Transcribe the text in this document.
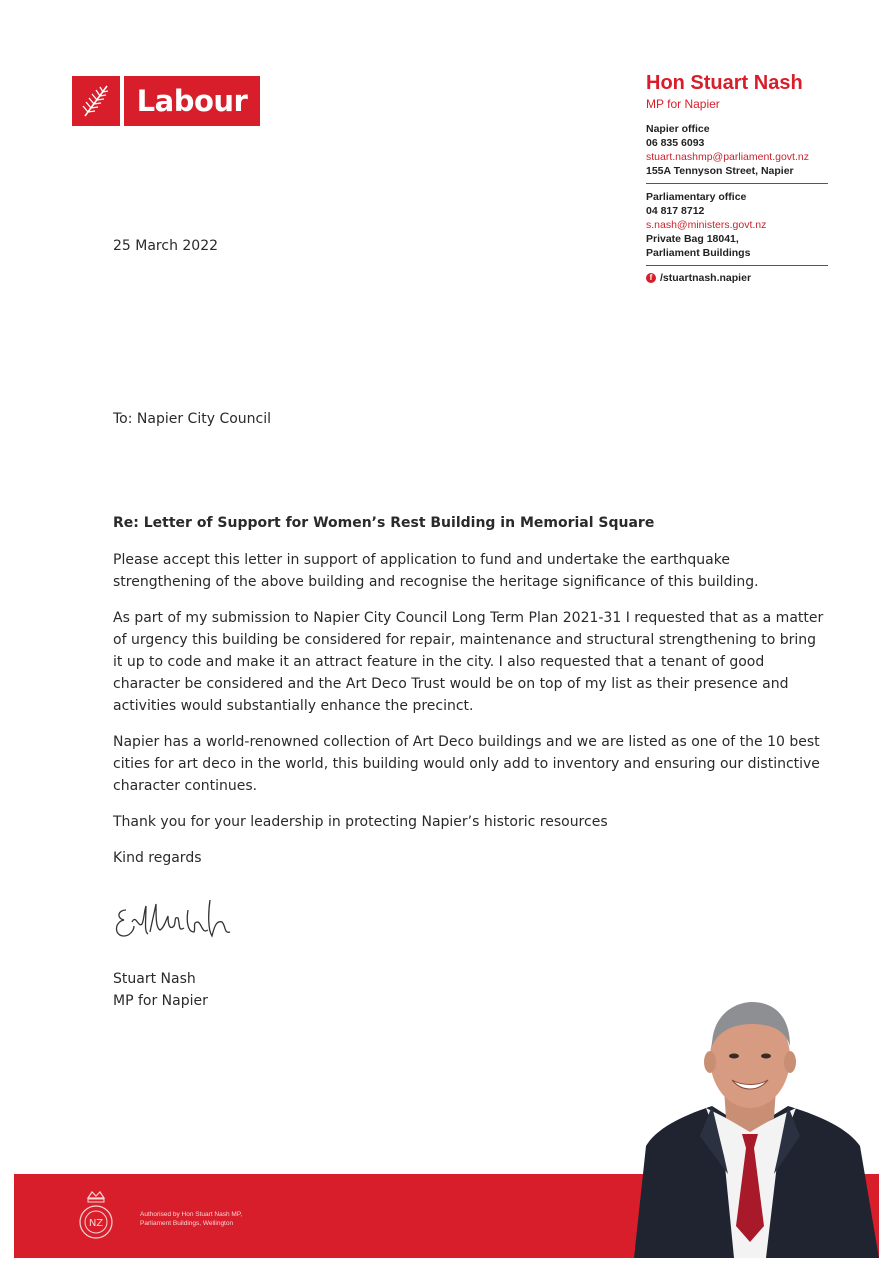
Labour
Hon Stuart Nash
MP for Napier
Napier office
06 835 6093
stuart.nashmp@parliament.govt.nz
155A Tennyson Street, Napier
Parliamentary office
04 817 8712
s.nash@ministers.govt.nz
Private Bag 18041,
Parliament Buildings
f /stuartnash.napier
25 March 2022
To: Napier City Council
Re: Letter of Support for Women’s Rest Building in Memorial Square

Please accept this letter in support of application to fund and undertake the earthquake
strengthening of the above building and recognise the heritage significance of this building.

As part of my submission to Napier City Council Long Term Plan 2021-31 I requested that as a matter
of urgency this building be considered for repair, maintenance and structural strengthening to bring
it up to code and make it an attract feature in the city. I also requested that a tenant of good
character be considered and the Art Deco Trust would be on top of my list as their presence and
activities would substantially enhance the precinct.

Napier has a world-renowned collection of Art Deco buildings and we are listed as one of the 10 best
cities for art deco in the world, this building would only add to inventory and ensuring our distinctive
character continues.

Thank you for your leadership in protecting Napier’s historic resources

Kind regards

Stuart Nash
MP for Napier
NZ
Authorised by Hon Stuart Nash MP,
Parliament Buildings, Wellington
